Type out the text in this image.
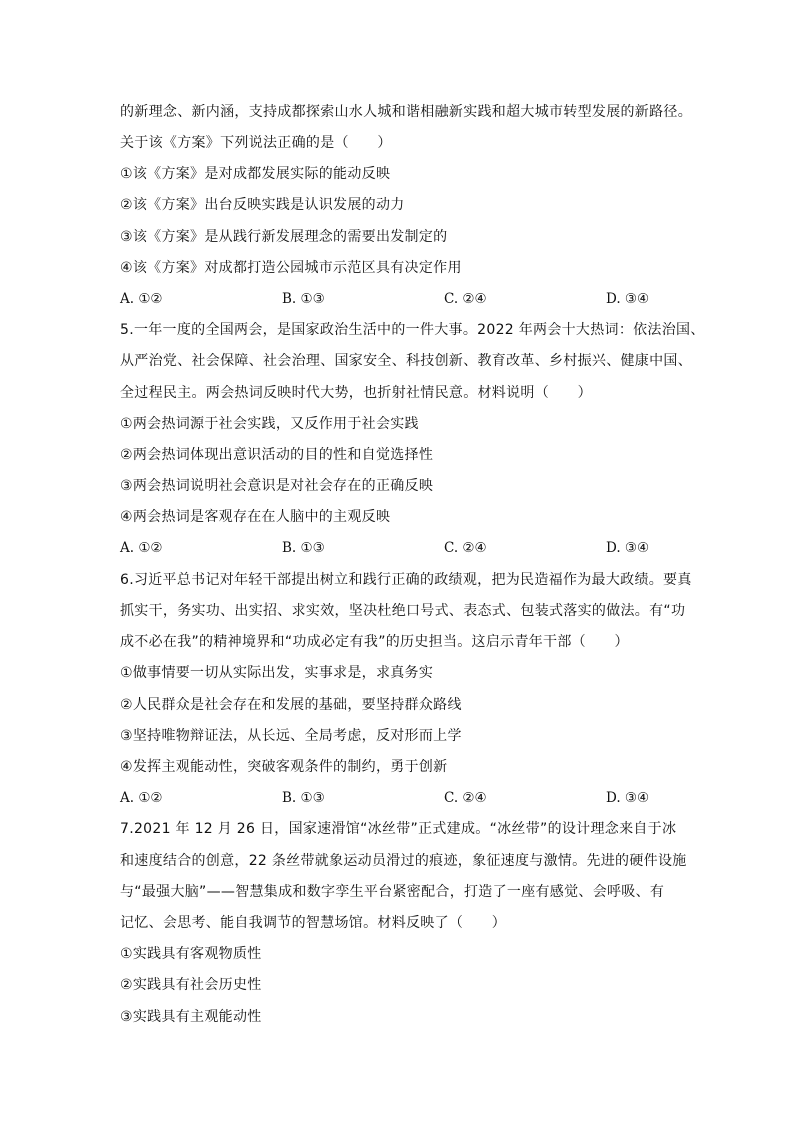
的新理念、新内涵，支持成都探索山水人城和谐相融新实践和超大城市转型发展的新路径。
关于该《方案》下列说法正确的是（　　）
①该《方案》是对成都发展实际的能动反映
②该《方案》出台反映实践是认识发展的动力
③该《方案》是从践行新发展理念的需要出发制定的
④该《方案》对成都打造公园城市示范区具有决定作用
A. ①②	B. ①③	C. ②④	D. ③④
5.一年一度的全国两会，是国家政治生活中的一件大事。2022 年两会十大热词：依法治国、
从严治党、社会保障、社会治理、国家安全、科技创新、教育改革、乡村振兴、健康中国、
全过程民主。两会热词反映时代大势，也折射社情民意。材料说明（　　）
①两会热词源于社会实践，又反作用于社会实践
②两会热词体现出意识活动的目的性和自觉选择性
③两会热词说明社会意识是对社会存在的正确反映
④两会热词是客观存在在人脑中的主观反映
A. ①②	B. ①③	C. ②④	D. ③④
6.习近平总书记对年轻干部提出树立和践行正确的政绩观，把为民造福作为最大政绩。要真
抓实干，务实功、出实招、求实效，坚决杜绝口号式、表态式、包装式落实的做法。有“功
成不必在我”的精神境界和“功成必定有我”的历史担当。这启示青年干部（　　）
①做事情要一切从实际出发，实事求是，求真务实
②人民群众是社会存在和发展的基础，要坚持群众路线
③坚持唯物辩证法，从长远、全局考虑，反对形而上学
④发挥主观能动性，突破客观条件的制约，勇于创新
A. ①②	B. ①③	C. ②④	D. ③④
7.2021 年 12 月 26 日，国家速滑馆“冰丝带”正式建成。“冰丝带”的设计理念来自于冰
和速度结合的创意，22 条丝带就象运动员滑过的痕迹，象征速度与激情。先进的硬件设施
与“最强大脑”——智慧集成和数字孪生平台紧密配合，打造了一座有感觉、会呼吸、有
记忆、会思考、能自我调节的智慧场馆。材料反映了（　　）
①实践具有客观物质性
②实践具有社会历史性
③实践具有主观能动性
